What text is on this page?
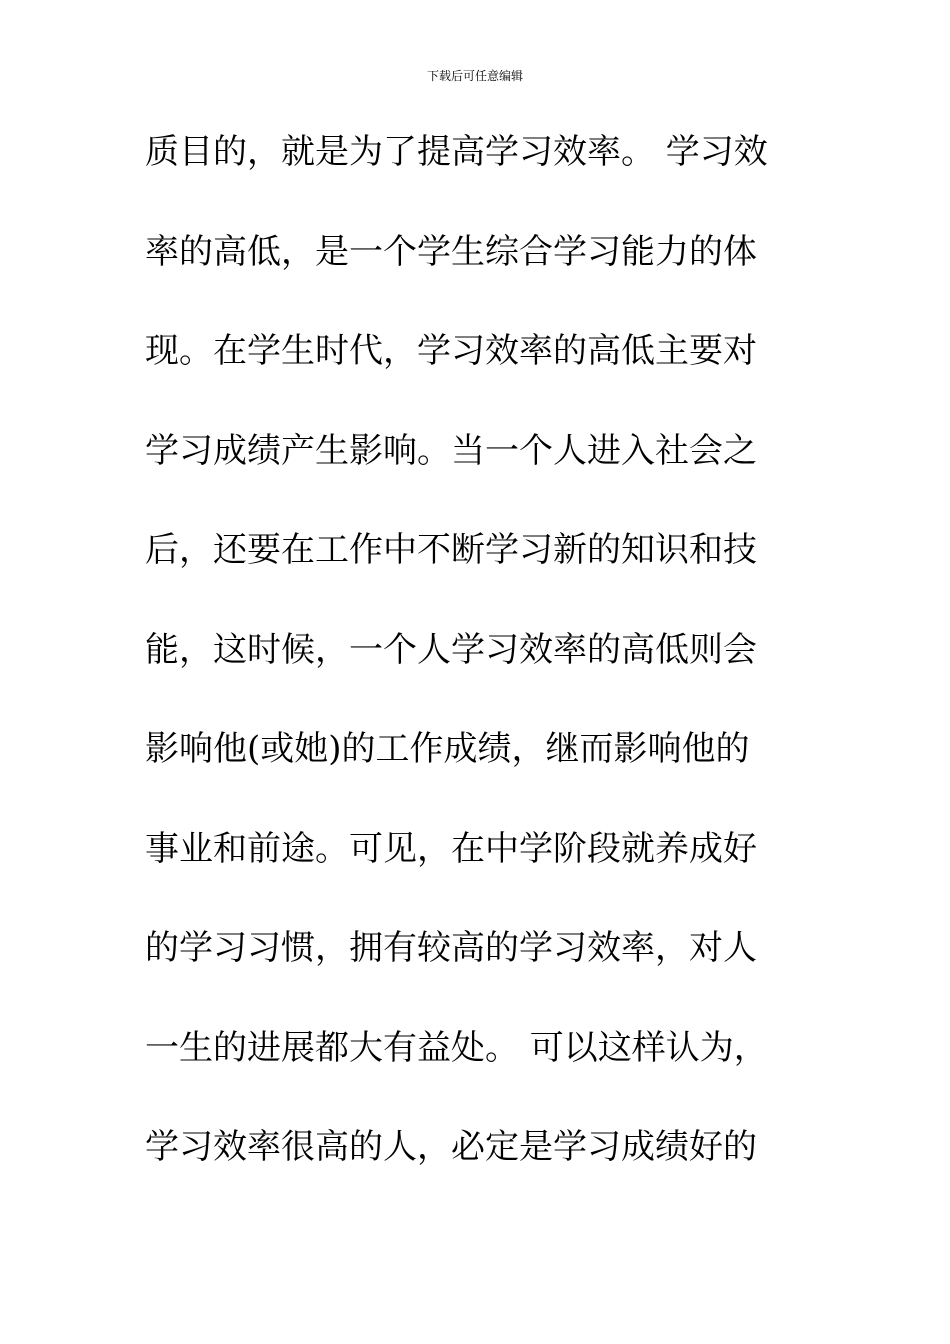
下载后可任意编辑
质目的，就是为了提高学习效率。 学习效
率的高低，是一个学生综合学习能力的体
现。在学生时代，学习效率的高低主要对
学习成绩产生影响。当一个人进入社会之
后，还要在工作中不断学习新的知识和技
能，这时候，一个人学习效率的高低则会
影响他(或她)的工作成绩，继而影响他的
事业和前途。可见，在中学阶段就养成好
的学习习惯，拥有较高的学习效率，对人
一生的进展都大有益处。 可以这样认为，
学习效率很高的人，必定是学习成绩好的
